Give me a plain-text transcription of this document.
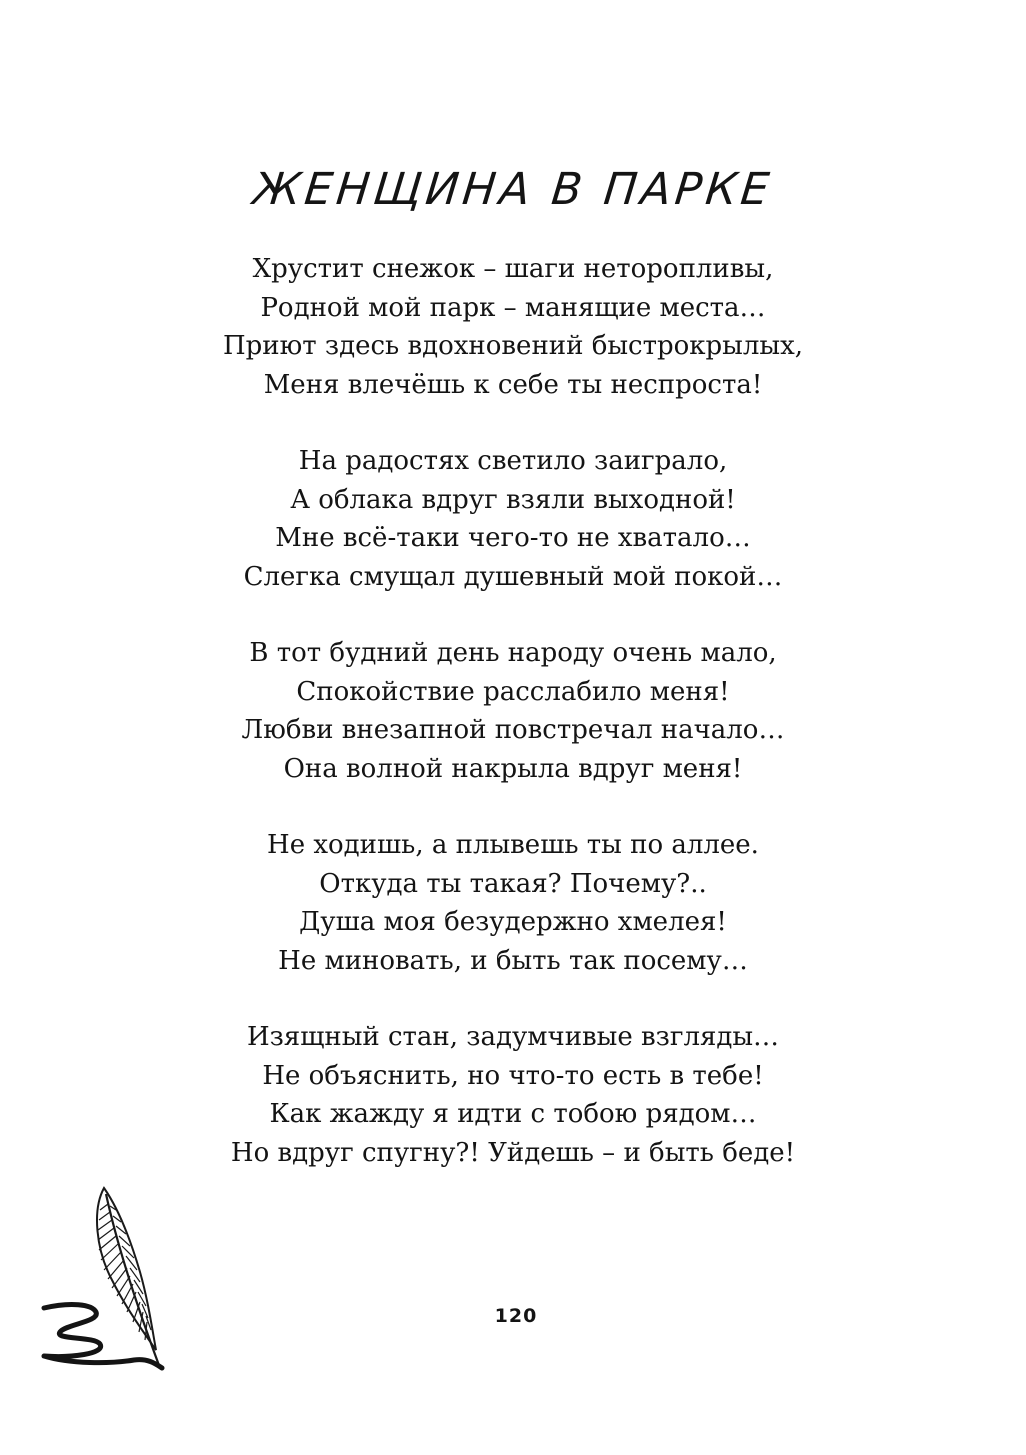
ЖЕНЩИНА В ПАРКЕ
Хрустит снежок – шаги неторопливы,
Родной мой парк – манящие места…
Приют здесь вдохновений быстрокрылых,
Меня влечёшь к себе ты неспроста!
На радостях светило заиграло,
А облака вдруг взяли выходной!
Мне всё-таки чего-то не хватало…
Слегка смущал душевный мой покой…
В тот будний день народу очень мало,
Спокойствие расслабило меня!
Любви внезапной повстречал начало…
Она волной накрыла вдруг меня!
Не ходишь, а плывешь ты по аллее.
Откуда ты такая? Почему?..
Душа моя безудержно хмелея!
Не миновать, и быть так посему…
Изящный стан, задумчивые взгляды…
Не объяснить, но что-то есть в тебе!
Как жажду я идти с тобою рядом…
Но вдруг спугну?! Уйдешь – и быть беде!
120
